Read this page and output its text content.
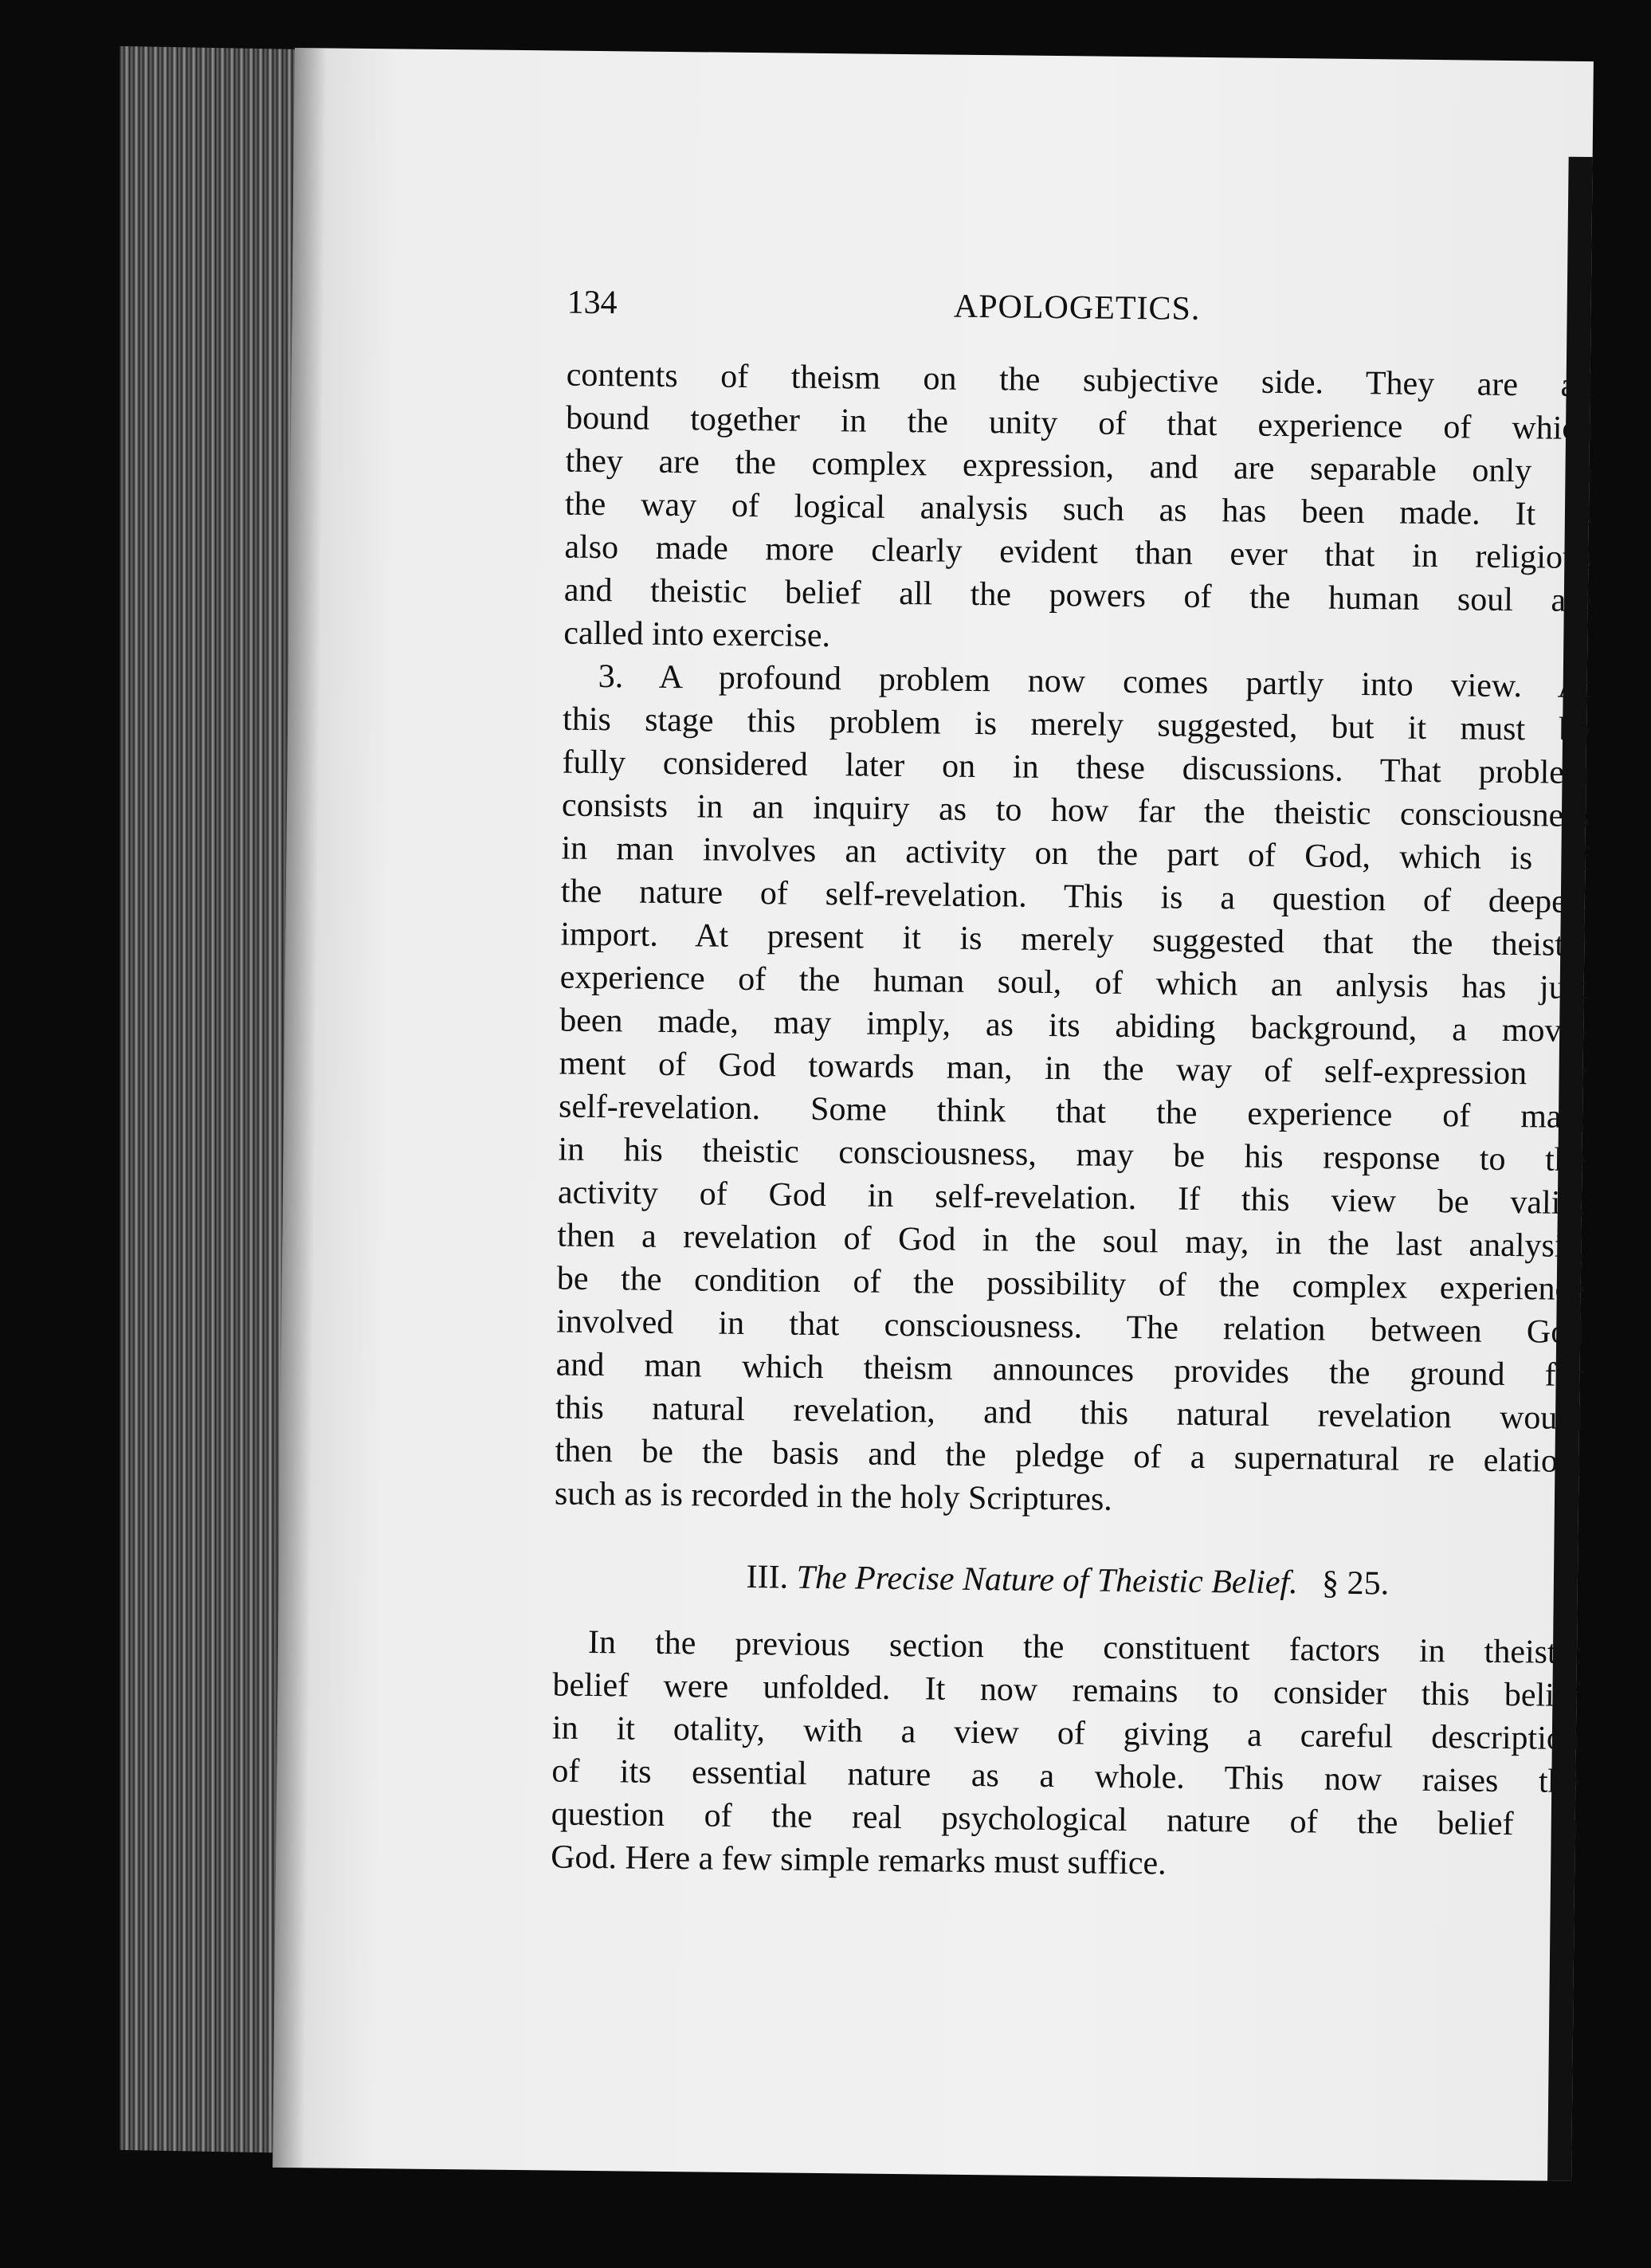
134	APOLOGETICS.
contents of theism on the subjective side. They are all
bound together in the unity of that experience of which
they are the complex expression, and are separable only in
the way of logical analysis such as has been made. It is
also made more clearly evident than ever that in religious
and theistic belief all the powers of the human soul are
called into exercise.
3. A profound problem now comes partly into view. At
this stage this problem is merely suggested, but it must be
fully considered later on in these discussions. That problem
consists in an inquiry as to how far the theistic consciousness
in man involves an activity on the part of God, which is of
the nature of self-revelation. This is a question of deepest
import. At present it is merely suggested that the theistic
experience of the human soul, of which an anlysis has just
been made, may imply, as its abiding background, a move-
ment of God towards man, in the way of self-expression or
self-revelation. Some think that the experience of man,
in his theistic consciousness, may be his response to the
activity of God in self-revelation. If this view be valid,
then a revelation of God in the soul may, in the last analysis,
be the condition of the possibility of the complex experience
involved in that consciousness. The relation between God
and man which theism announces provides the ground for
this natural revelation, and this natural revelation would
then be the basis and the pledge of a supernatural re elation,
such as is recorded in the holy Scriptures.
III. The Precise Nature of Theistic Belief. § 25.
In the previous section the constituent factors in theistic
belief were unfolded. It now remains to consider this belief
in it otality, with a view of giving a careful description
of its essential nature as a whole. This now raises the
question of the real psychological nature of the belief in
God. Here a few simple remarks must suffice.
